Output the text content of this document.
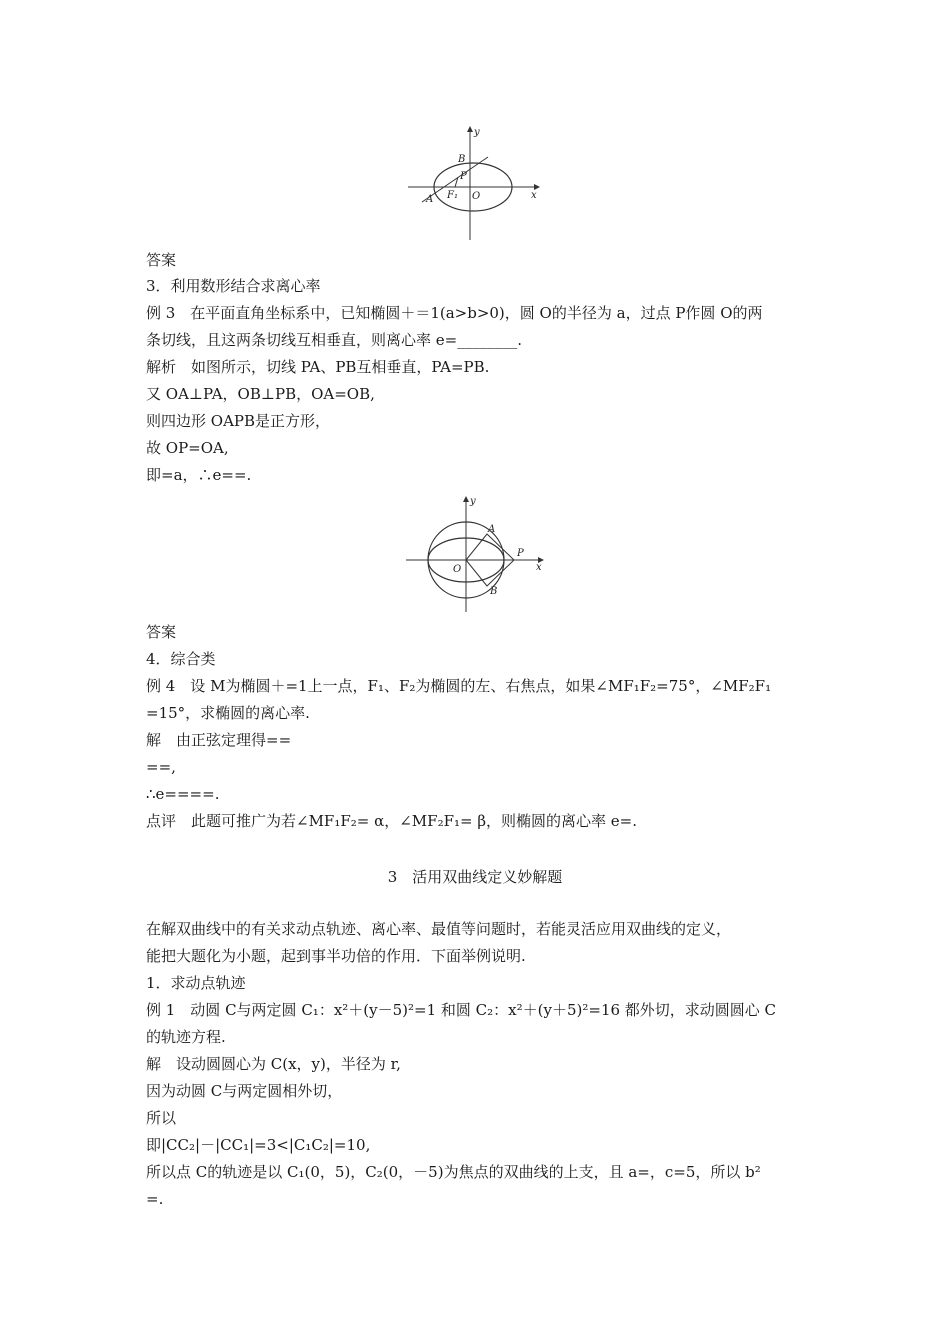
y
x
B
P
F₁ O
A
答案
3．利用数形结合求离心率
例 3　在平面直角坐标系中，已知椭圆＋＝1(a>b>0)，圆 O的半径为 a，过点 P作圆 O的两
条切线，且这两条切线互相垂直，则离心率 e=________.
解析　如图所示，切线 PA、PB互相垂直，PA=PB.
又 OA⊥PA，OB⊥PB，OA=OB,
则四边形 OAPB是正方形，
故 OP=OA,
即=a，∴e==.
y
x
A
P
O
B
答案
4．综合类
例 4　设 M为椭圆＋=1上一点，F₁、F₂为椭圆的左、右焦点，如果∠MF₁F₂=75°，∠MF₂F₁
=15°，求椭圆的离心率.
解　由正弦定理得==
==,
∴e====.
点评　此题可推广为若∠MF₁F₂= α，∠MF₂F₁= β，则椭圆的离心率 e=.
3　活用双曲线定义妙解题
在解双曲线中的有关求动点轨迹、离心率、最值等问题时，若能灵活应用双曲线的定义，
能把大题化为小题，起到事半功倍的作用．下面举例说明.
1．求动点轨迹
例 1　动圆 C与两定圆 C₁：x²＋(y－5)²=1 和圆 C₂：x²＋(y＋5)²=16 都外切，求动圆圆心 C
的轨迹方程.
解　设动圆圆心为 C(x，y)，半径为 r,
因为动圆 C与两定圆相外切，
所以
即|CC₂|－|CC₁|=3<|C₁C₂|=10,
所以点 C的轨迹是以 C₁(0，5)，C₂(0，－5)为焦点的双曲线的上支，且 a=，c=5，所以 b²
=.
